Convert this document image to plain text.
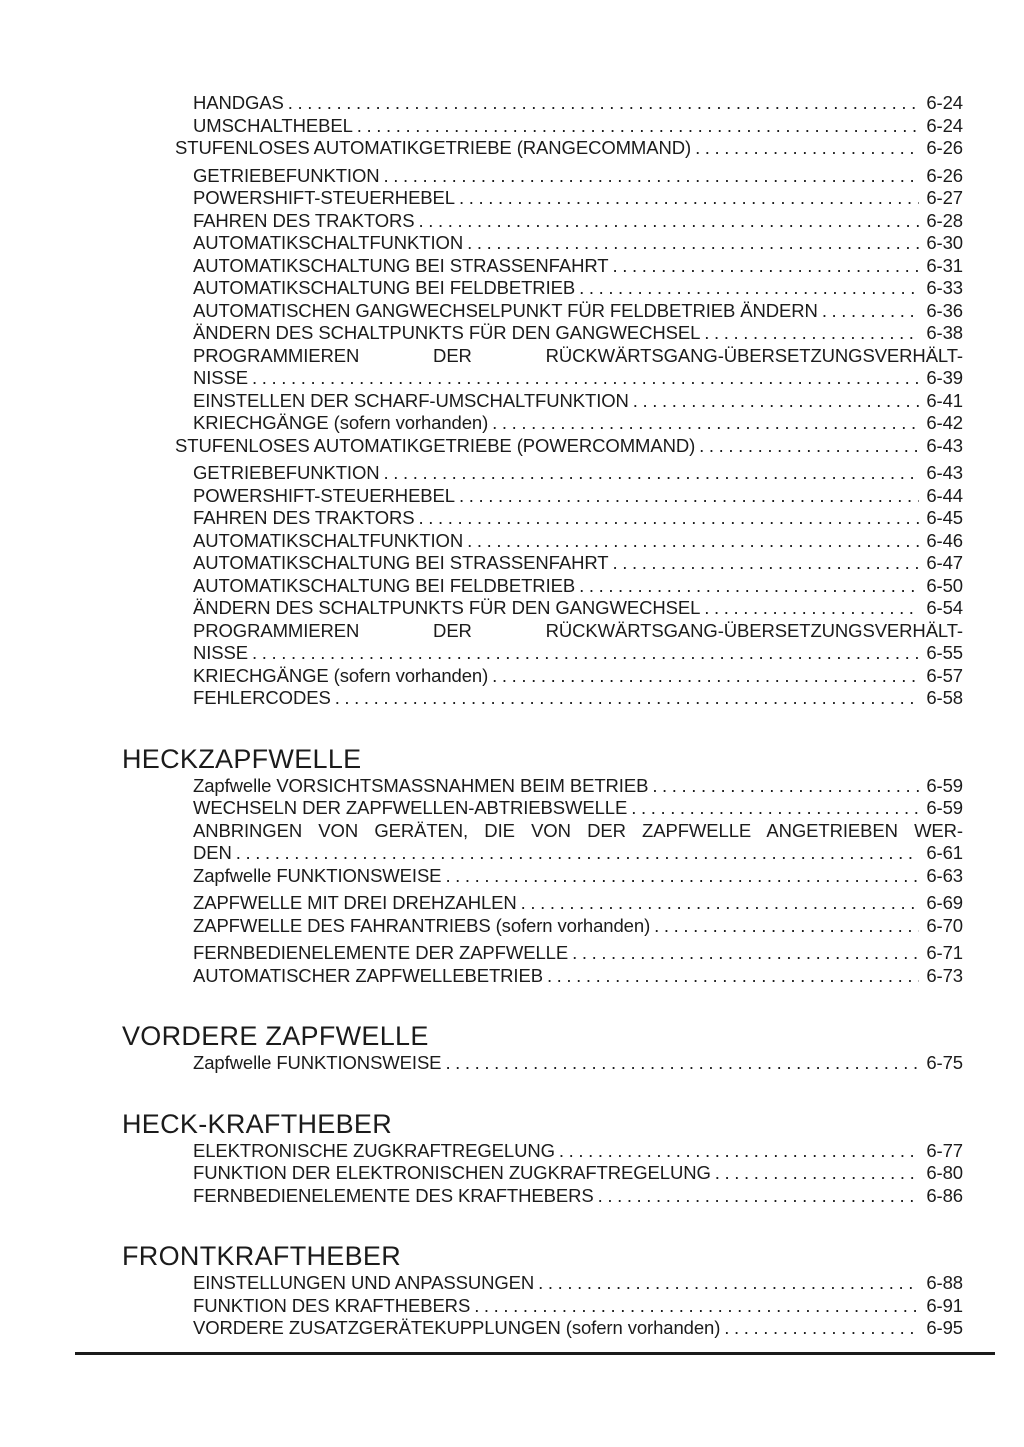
HANDGAS .....	6-24
UMSCHALTHEBEL .....	6-24
STUFENLOSES AUTOMATIKGETRIEBE (RANGECOMMAND) .....	6-26
GETRIEBEFUNKTION .....	6-26
POWERSHIFT-STEUERHEBEL .....	6-27
FAHREN DES TRAKTORS .....	6-28
AUTOMATIKSCHALTFUNKTION .....	6-30
AUTOMATIKSCHALTUNG BEI STRASSENFAHRT .....	6-31
AUTOMATIKSCHALTUNG BEI FELDBETRIEB .....	6-33
AUTOMATISCHEN GANGWECHSELPUNKT FÜR FELDBETRIEB ÄNDERN .....	6-36
ÄNDERN DES SCHALTPUNKTS FÜR DEN GANGWECHSEL .....	6-38
PROGRAMMIEREN DER RÜCKWÄRTSGANG-ÜBERSETZUNGSVERHÄLT-
NISSE .....	6-39
EINSTELLEN DER SCHARF-UMSCHALTFUNKTION .....	6-41
KRIECHGÄNGE (sofern vorhanden) .....	6-42
STUFENLOSES AUTOMATIKGETRIEBE (POWERCOMMAND) .....	6-43
GETRIEBEFUNKTION .....	6-43
POWERSHIFT-STEUERHEBEL .....	6-44
FAHREN DES TRAKTORS .....	6-45
AUTOMATIKSCHALTFUNKTION .....	6-46
AUTOMATIKSCHALTUNG BEI STRASSENFAHRT .....	6-47
AUTOMATIKSCHALTUNG BEI FELDBETRIEB .....	6-50
ÄNDERN DES SCHALTPUNKTS FÜR DEN GANGWECHSEL .....	6-54
PROGRAMMIEREN DER RÜCKWÄRTSGANG-ÜBERSETZUNGSVERHÄLT-
NISSE .....	6-55
KRIECHGÄNGE (sofern vorhanden) .....	6-57
FEHLERCODES .....	6-58
HECKZAPFWELLE
Zapfwelle VORSICHTSMASSNAHMEN BEIM BETRIEB .....	6-59
WECHSELN DER ZAPFWELLEN-ABTRIEBSWELLE .....	6-59
ANBRINGEN VON GERÄTEN, DIE VON DER ZAPFWELLE ANGETRIEBEN WER-
DEN .....	6-61
Zapfwelle FUNKTIONSWEISE .....	6-63
ZAPFWELLE MIT DREI DREHZAHLEN .....	6-69
ZAPFWELLE DES FAHRANTRIEBS (sofern vorhanden) .....	6-70
FERNBEDIENELEMENTE DER ZAPFWELLE .....	6-71
AUTOMATISCHER ZAPFWELLEBETRIEB .....	6-73
VORDERE ZAPFWELLE
Zapfwelle FUNKTIONSWEISE .....	6-75
HECK-KRAFTHEBER
ELEKTRONISCHE ZUGKRAFTREGELUNG .....	6-77
FUNKTION DER ELEKTRONISCHEN ZUGKRAFTREGELUNG .....	6-80
FERNBEDIENELEMENTE DES KRAFTHEBERS .....	6-86
FRONTKRAFTHEBER
EINSTELLUNGEN UND ANPASSUNGEN .....	6-88
FUNKTION DES KRAFTHEBERS .....	6-91
VORDERE ZUSATZGERÄTEKUPPLUNGEN (sofern vorhanden) .....	6-95
